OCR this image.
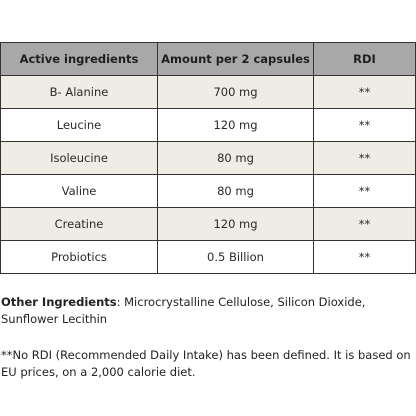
Active ingredients	Amount per 2 capsules	RDI
B- Alanine	700 mg	**
Leucine	120 mg	**
Isoleucine	80 mg	**
Valine	80 mg	**
Creatine	120 mg	**
Probiotics	0.5 Billion	**
Other Ingredients: Microcrystalline Cellulose, Silicon Dioxide, Sunflower Lecithin
**No RDI (Recommended Daily Intake) has been defined. It is based on EU prices, on a 2,000 calorie diet.
